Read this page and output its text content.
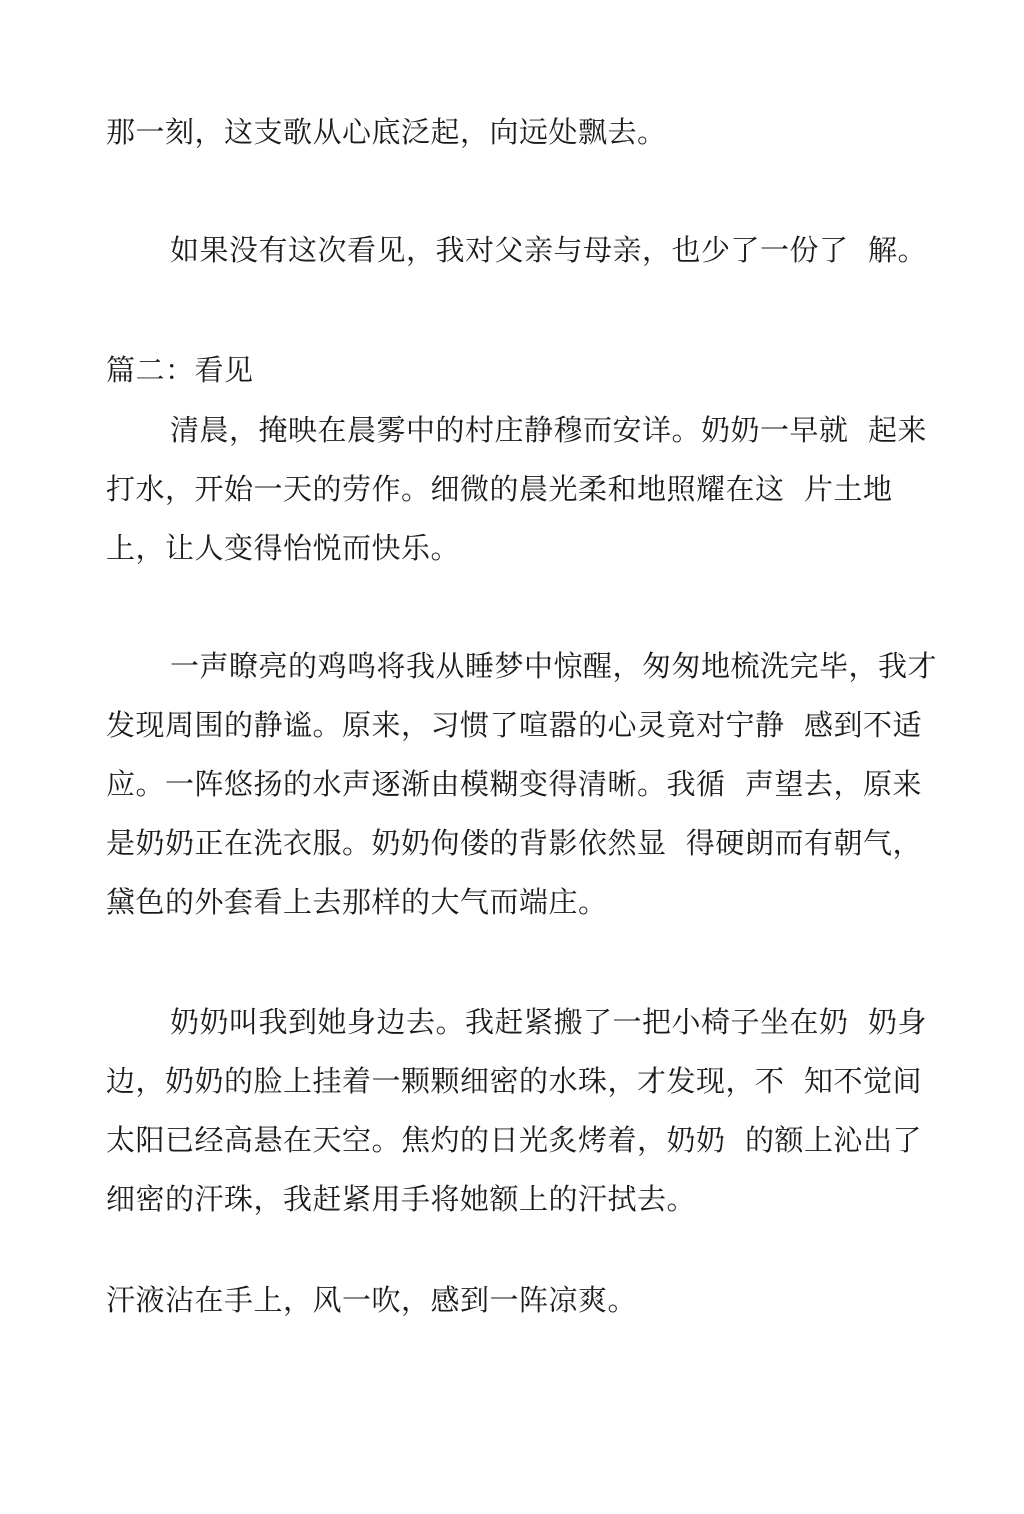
那一刻，这支歌从心底泛起，向远处飘去。
如果没有这次看见，我对父亲与母亲，也少了一份了  解。
篇二：看见
清晨，掩映在晨雾中的村庄静穆而安详。奶奶一早就  起来
打水，开始一天的劳作。细微的晨光柔和地照耀在这  片土地
上，让人变得怡悦而快乐。
一声瞭亮的鸡鸣将我从睡梦中惊醒，匆匆地梳洗完毕，我才
发现周围的静谧。原来，习惯了喧嚣的心灵竟对宁静  感到不适
应。一阵悠扬的水声逐渐由模糊变得清晰。我循  声望去，原来
是奶奶正在洗衣服。奶奶佝偻的背影依然显  得硬朗而有朝气，
黛色的外套看上去那样的大气而端庄。
奶奶叫我到她身边去。我赶紧搬了一把小椅子坐在奶  奶身
边，奶奶的脸上挂着一颗颗细密的水珠，才发现，不  知不觉间
太阳已经高悬在天空。焦灼的日光炙烤着，奶奶  的额上沁出了
细密的汗珠，我赶紧用手将她额上的汗拭去。
汗液沾在手上，风一吹，感到一阵凉爽。
